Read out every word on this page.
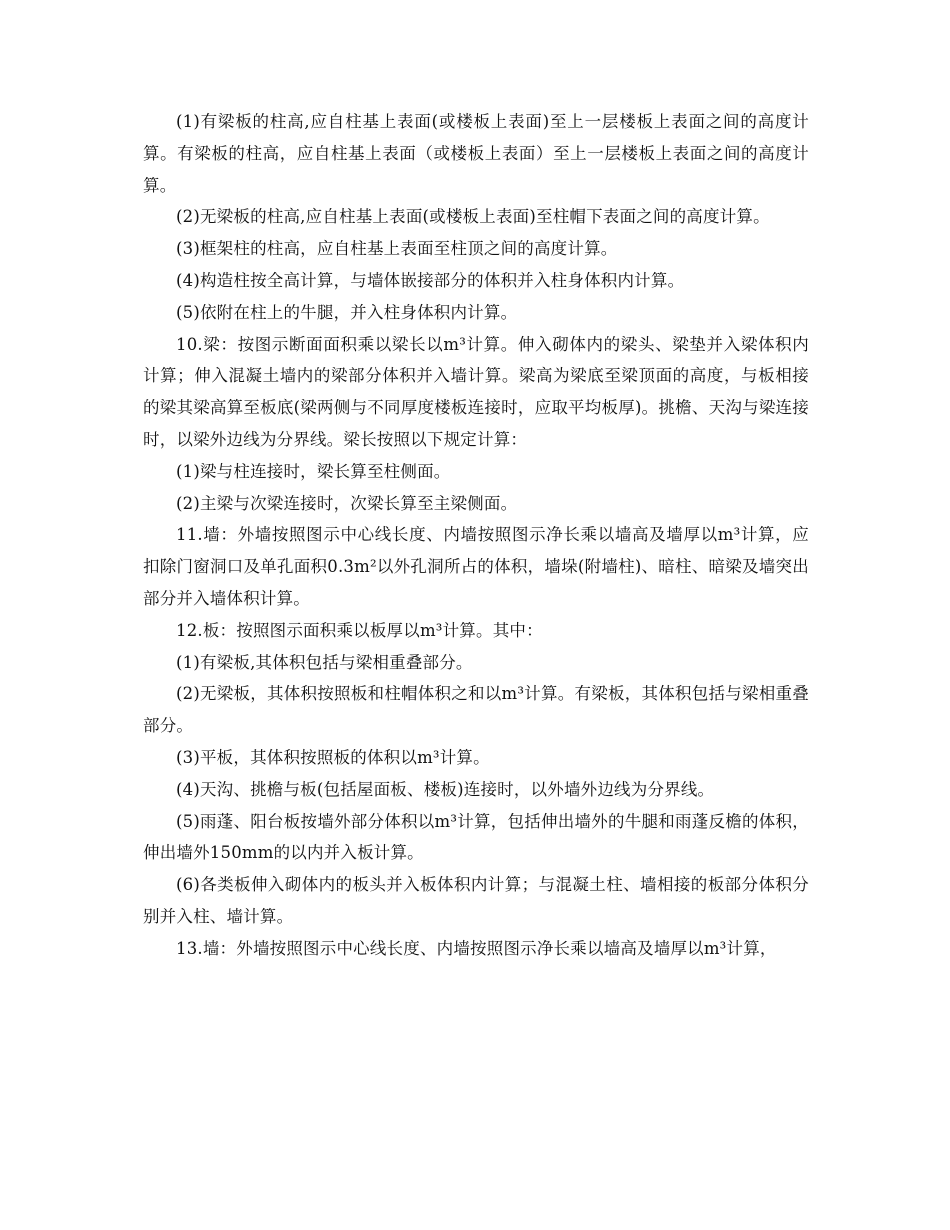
(1)有梁板的柱高,应自柱基上表面(或楼板上表面)至上一层楼板上表面之间的高度计算。有梁板的柱高，应自柱基上表面（或楼板上表面）至上一层楼板上表面之间的高度计算。

(2)无梁板的柱高,应自柱基上表面(或楼板上表面)至柱帽下表面之间的高度计算。

(3)框架柱的柱高，应自柱基上表面至柱顶之间的高度计算。

(4)构造柱按全高计算，与墙体嵌接部分的体积并入柱身体积内计算。

(5)依附在柱上的牛腿，并入柱身体积内计算。

10.梁：按图示断面面积乘以梁长以m³计算。伸入砌体内的梁头、梁垫并入梁体积内计算；伸入混凝土墙内的梁部分体积并入墙计算。梁高为梁底至梁顶面的高度，与板相接的梁其梁高算至板底(梁两侧与不同厚度楼板连接时，应取平均板厚)。挑檐、天沟与梁连接时，以梁外边线为分界线。梁长按照以下规定计算：

(1)梁与柱连接时，梁长算至柱侧面。

(2)主梁与次梁连接时，次梁长算至主梁侧面。

11.墙：外墙按照图示中心线长度、内墙按照图示净长乘以墙高及墙厚以m³计算，应扣除门窗洞口及单孔面积0.3m²以外孔洞所占的体积，墙垛(附墙柱)、暗柱、暗梁及墙突出部分并入墙体积计算。

12.板：按照图示面积乘以板厚以m³计算。其中：

(1)有梁板,其体积包括与梁相重叠部分。

(2)无梁板，其体积按照板和柱帽体积之和以m³计算。有梁板，其体积包括与梁相重叠部分。

(3)平板，其体积按照板的体积以m³计算。

(4)天沟、挑檐与板(包括屋面板、楼板)连接时，以外墙外边线为分界线。

(5)雨蓬、阳台板按墙外部分体积以m³计算，包括伸出墙外的牛腿和雨蓬反檐的体积，伸出墙外150mm的以内并入板计算。

(6)各类板伸入砌体内的板头并入板体积内计算；与混凝土柱、墙相接的板部分体积分别并入柱、墙计算。

13.墙：外墙按照图示中心线长度、内墙按照图示净长乘以墙高及墙厚以m³计算，
